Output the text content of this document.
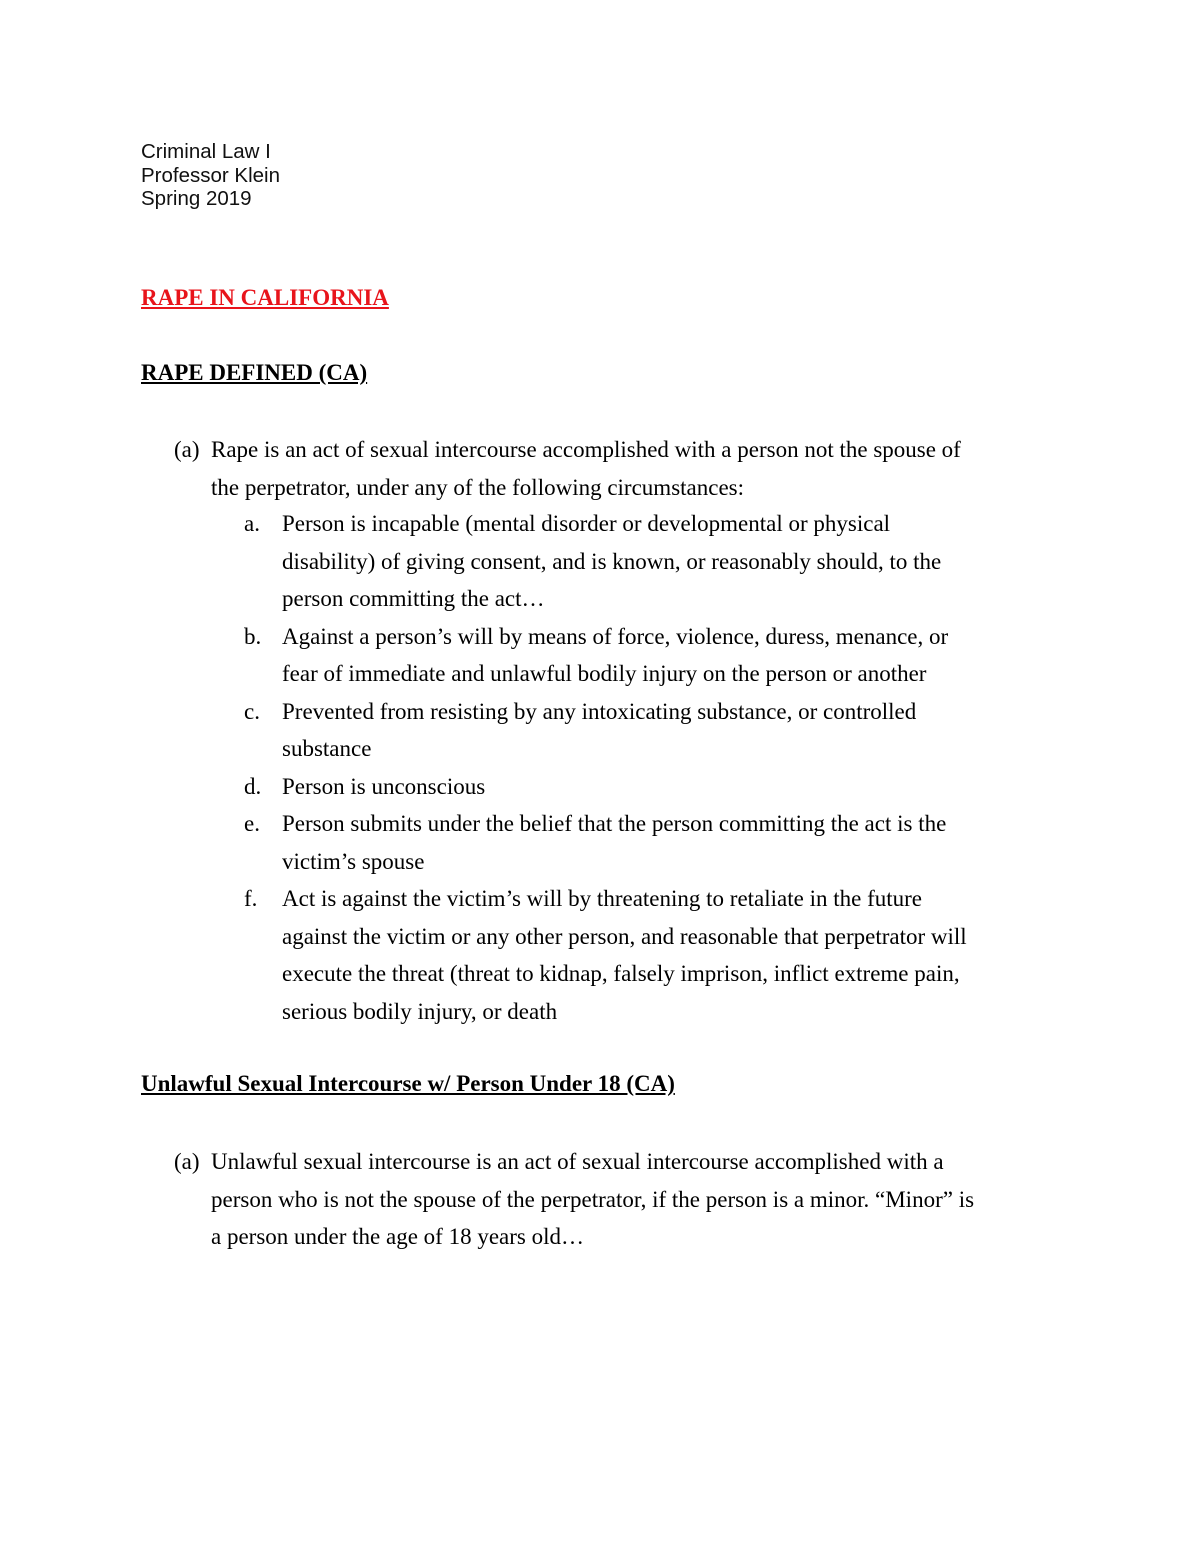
Criminal Law I
Professor Klein
Spring 2019
RAPE IN CALIFORNIA
RAPE DEFINED (CA)
(a) Rape is an act of sexual intercourse accomplished with a person not the spouse of
the perpetrator, under any of the following circumstances:
a. Person is incapable (mental disorder or developmental or physical
disability) of giving consent, and is known, or reasonably should, to the
person committing the act…
b. Against a person’s will by means of force, violence, duress, menance, or
fear of immediate and unlawful bodily injury on the person or another
c. Prevented from resisting by any intoxicating substance, or controlled
substance
d. Person is unconscious
e. Person submits under the belief that the person committing the act is the
victim’s spouse
f. Act is against the victim’s will by threatening to retaliate in the future
against the victim or any other person, and reasonable that perpetrator will
execute the threat (threat to kidnap, falsely imprison, inflict extreme pain,
serious bodily injury, or death
Unlawful Sexual Intercourse w/ Person Under 18 (CA)
(a) Unlawful sexual intercourse is an act of sexual intercourse accomplished with a
person who is not the spouse of the perpetrator, if the person is a minor. “Minor” is
a person under the age of 18 years old…
